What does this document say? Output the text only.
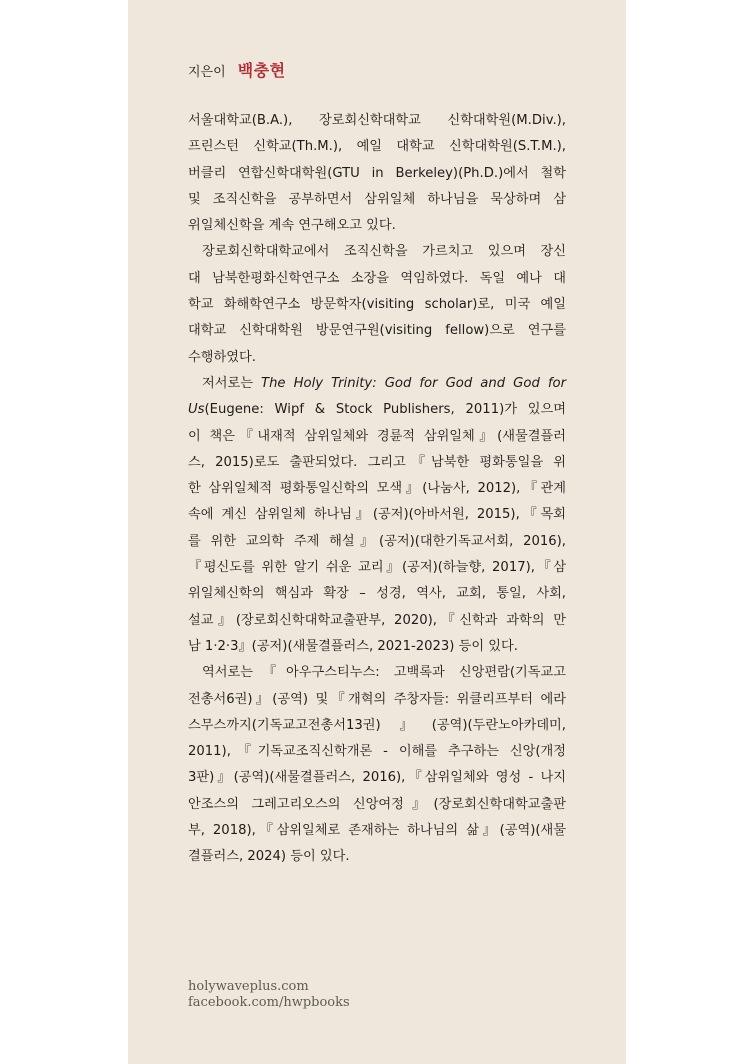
지은이 백충현
서울대학교(B.A.), 장로회신학대학교 신학대학원(M.Div.),
프린스턴 신학교(Th.M.), 예일 대학교 신학대학원(S.T.M.),
버클리 연합신학대학원(GTU in Berkeley)(Ph.D.)에서 철학
및 조직신학을 공부하면서 삼위일체 하나님을 묵상하며 삼
위일체신학을 계속 연구해오고 있다.
장로회신학대학교에서 조직신학을 가르치고 있으며 장신
대 남북한평화신학연구소 소장을 역임하였다. 독일 예나 대
학교 화해학연구소 방문학자(visiting scholar)로, 미국 예일
대학교 신학대학원 방문연구원(visiting fellow)으로 연구를
수행하였다.
저서로는 The Holy Trinity: God for God and God for
Us(Eugene: Wipf & Stock Publishers, 2011)가 있으며
이 책은『내재적 삼위일체와 경륜적 삼위일체』(새물결플러
스, 2015)로도 출판되었다. 그리고『남북한 평화통일을 위
한 삼위일체적 평화통일신학의 모색』(나눔사, 2012),『관계
속에 계신 삼위일체 하나님』(공저)(아바서원, 2015),『목회
를 위한 교의학 주제 해설』(공저)(대한기독교서회, 2016),
『평신도를 위한 알기 쉬운 교리』(공저)(하늘향, 2017),『삼
위일체신학의 핵심과 확장 – 성경, 역사, 교회, 통일, 사회,
설교』(장로회신학대학교출판부, 2020),『신학과 과학의 만
남 1·2·3』(공저)(새물결플러스, 2021-2023) 등이 있다.
역서로는『아우구스티누스: 고백록과 신앙편람(기독교고
전총서6권)』(공역) 및『개혁의 주창자들: 위클리프부터 에라
스무스까지(기독교고전총서13권)』(공역)(두란노아카데미,
2011),『기독교조직신학개론 - 이해를 추구하는 신앙(개정
3판)』(공역)(새물결플러스, 2016),『삼위일체와 영성 - 나지
안조스의 그레고리오스의 신앙여정』(장로회신학대학교출판
부, 2018),『삼위일체로 존재하는 하나님의 삶』(공역)(새물
결플러스, 2024) 등이 있다.
holywaveplus.com
facebook.com/hwpbooks
